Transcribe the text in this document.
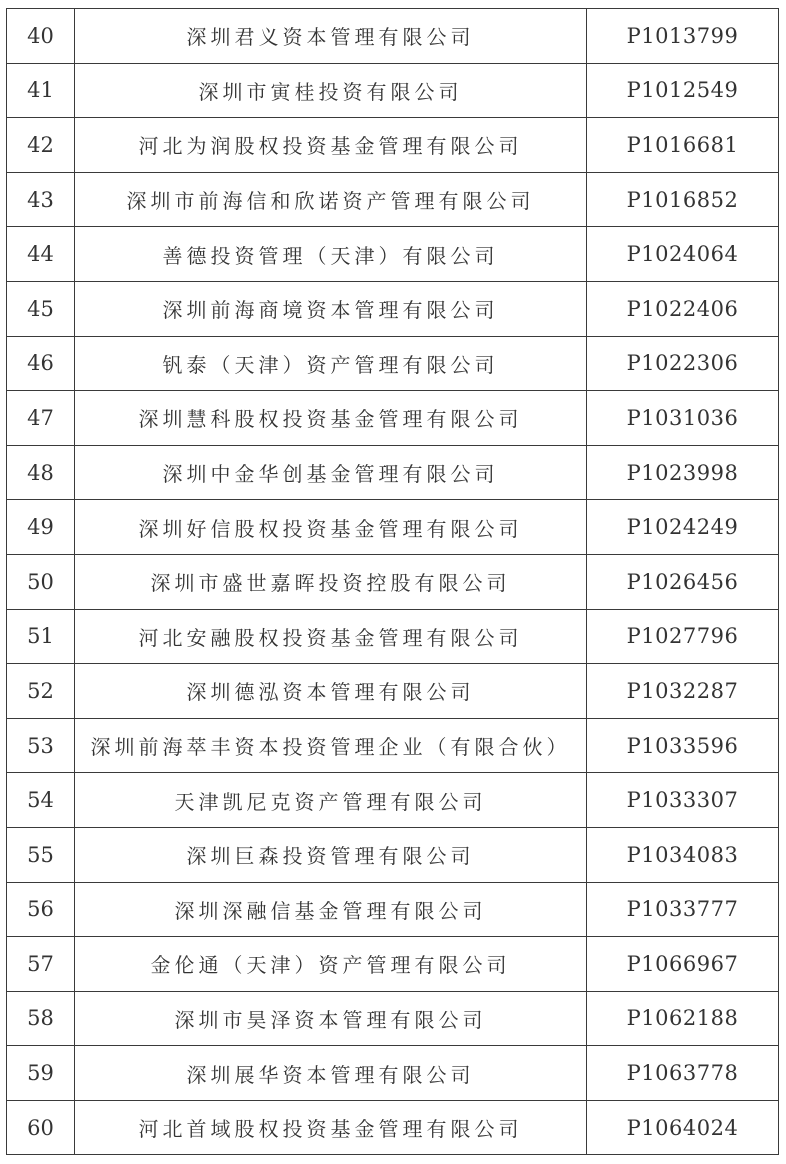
40	深圳君义资本管理有限公司	P1013799
41	深圳市寅桂投资有限公司	P1012549
42	河北为润股权投资基金管理有限公司	P1016681
43	深圳市前海信和欣诺资产管理有限公司	P1016852
44	善德投资管理（天津）有限公司	P1024064
45	深圳前海商境资本管理有限公司	P1022406
46	钒泰（天津）资产管理有限公司	P1022306
47	深圳慧科股权投资基金管理有限公司	P1031036
48	深圳中金华创基金管理有限公司	P1023998
49	深圳好信股权投资基金管理有限公司	P1024249
50	深圳市盛世嘉晖投资控股有限公司	P1026456
51	河北安融股权投资基金管理有限公司	P1027796
52	深圳德泓资本管理有限公司	P1032287
53	深圳前海萃丰资本投资管理企业（有限合伙）	P1033596
54	天津凯尼克资产管理有限公司	P1033307
55	深圳巨森投资管理有限公司	P1034083
56	深圳深融信基金管理有限公司	P1033777
57	金伦通（天津）资产管理有限公司	P1066967
58	深圳市昊泽资本管理有限公司	P1062188
59	深圳展华资本管理有限公司	P1063778
60	河北首域股权投资基金管理有限公司	P1064024
